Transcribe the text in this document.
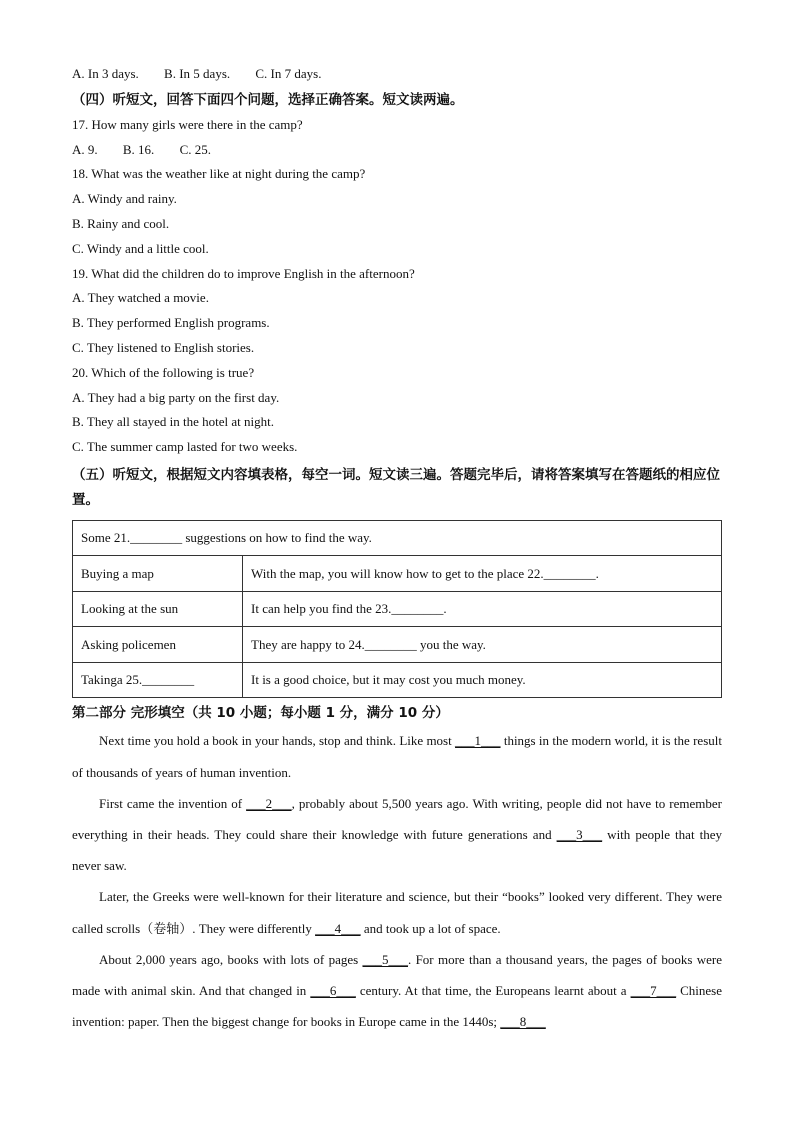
A. In 3 days. B. In 5 days. C. In 7 days.
（四）听短文，回答下面四个问题，选择正确答案。短文读两遍。
17. How many girls were there in the camp?
A. 9. B. 16. C. 25.
18. What was the weather like at night during the camp?
A. Windy and rainy.
B. Rainy and cool.
C. Windy and a little cool.
19. What did the children do to improve English in the afternoon?
A. They watched a movie.
B. They performed English programs.
C. They listened to English stories.
20. Which of the following is true?
A. They had a big party on the first day.
B. They all stayed in the hotel at night.
C. The summer camp lasted for two weeks.
（五）听短文，根据短文内容填表格，每空一词。短文读三遍。答题完毕后，请将答案填写在答题纸的相应位置。
Some 21.________ suggestions on how to find the way.	
Buying a map	With the map, you will know how to get to the place 22.________.
Looking at the sun	It can help you find the 23.________.
Asking policemen	They are happy to 24.________ you the way.
Takinga 25.________	It is a good choice, but it may cost you much money.
第二部分 完形填空（共 10 小题；每小题 1 分，满分 10 分）

Next time you hold a book in your hands, stop and think. Like most ___1___ things in the modern world, it is the result of thousands of years of human invention.

First came the invention of ___2___, probably about 5,500 years ago. With writing, people did not have to remember everything in their heads. They could share their knowledge with future generations and ___3___ with people that they never saw.

Later, the Greeks were well-known for their literature and science, but their “books” looked very different. They were called scrolls（卷轴）. They were differently ___4___ and took up a lot of space.

About 2,000 years ago, books with lots of pages ___5___. For more than a thousand years, the pages of books were made with animal skin. And that changed in ___6___ century. At that time, the Europeans learnt about a ___7___ Chinese invention: paper. Then the biggest change for books in Europe came in the 1440s; ___8___
